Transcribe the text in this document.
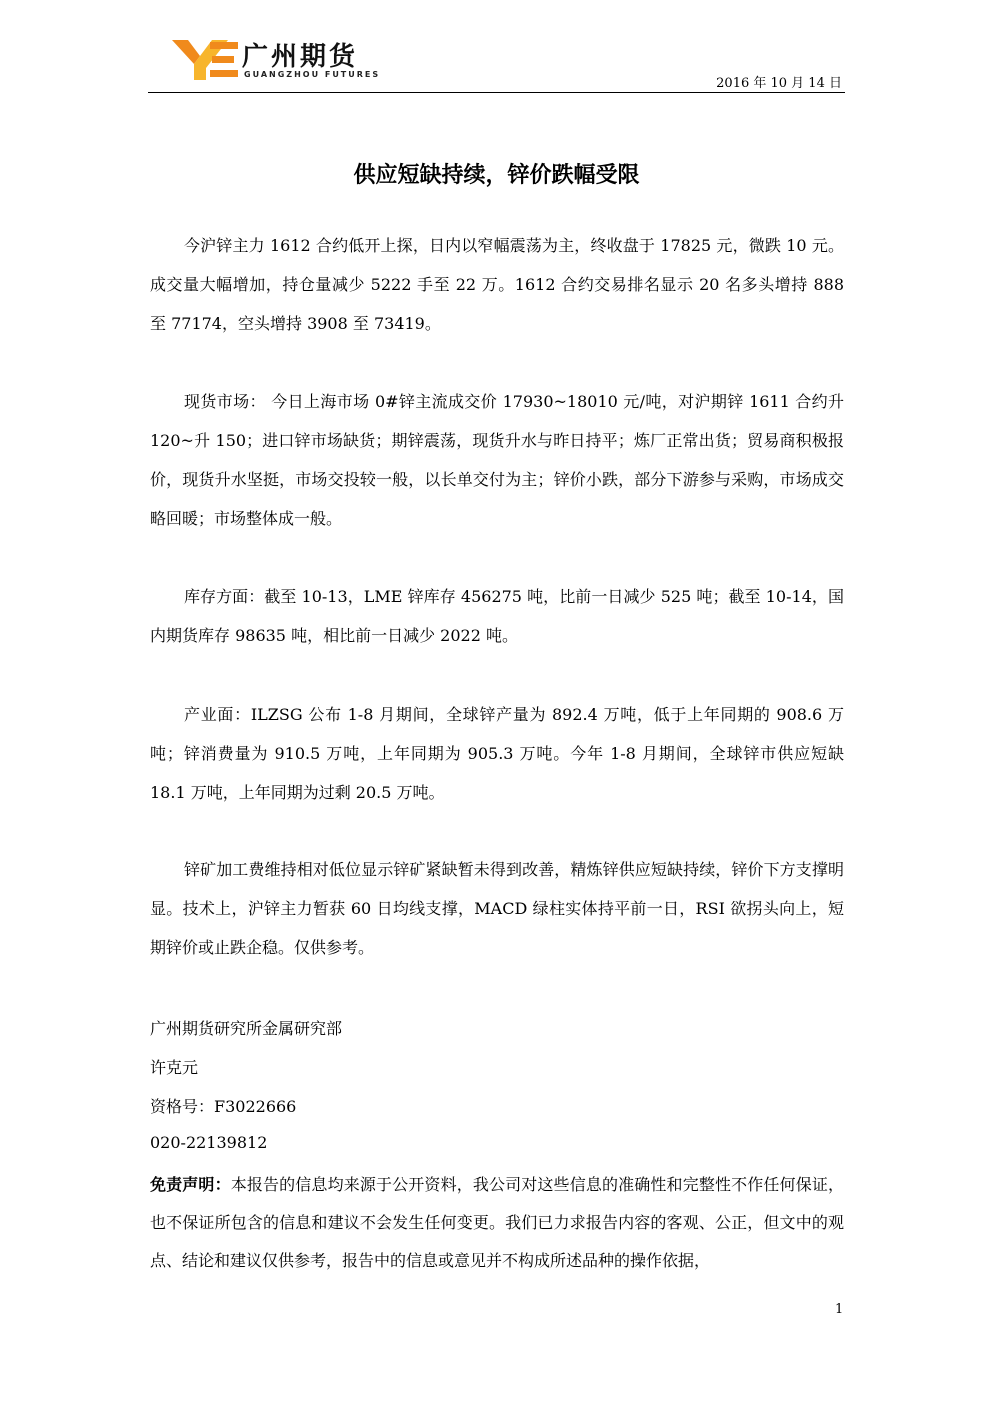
广州期货
GUANGZHOU FUTURES
2016 年 10 月 14 日
供应短缺持续，锌价跌幅受限

今沪锌主力 1612 合约低开上探，日内以窄幅震荡为主，终收盘于 17825 元，微跌 10 元。成交量大幅增加，持仓量减少 5222 手至 22 万。1612 合约交易排名显示 20 名多头增持 888 至 77174，空头增持 3908 至 73419。

现货市场： 今日上海市场 0#锌主流成交价 17930~18010 元/吨，对沪期锌 1611 合约升 120~升 150；进口锌市场缺货；期锌震荡，现货升水与昨日持平；炼厂正常出货；贸易商积极报价，现货升水坚挺，市场交投较一般，以长单交付为主；锌价小跌，部分下游参与采购，市场成交略回暖；市场整体成一般。

库存方面：截至 10-13，LME 锌库存 456275 吨，比前一日减少 525 吨；截至 10-14，国内期货库存 98635 吨，相比前一日减少 2022 吨。

产业面：ILZSG 公布 1-8 月期间，全球锌产量为 892.4 万吨，低于上年同期的 908.6 万吨；锌消费量为 910.5 万吨，上年同期为 905.3 万吨。今年 1-8 月期间，全球锌市供应短缺 18.1 万吨，上年同期为过剩 20.5 万吨。

锌矿加工费维持相对低位显示锌矿紧缺暂未得到改善，精炼锌供应短缺持续，锌价下方支撑明显。技术上，沪锌主力暂获 60 日均线支撑，MACD 绿柱实体持平前一日，RSI 欲拐头向上，短期锌价或止跌企稳。仅供参考。

广州期货研究所金属研究部
许克元
资格号：F3022666
020-22139812

免责声明：本报告的信息均来源于公开资料，我公司对这些信息的准确性和完整性不作任何保证，也不保证所包含的信息和建议不会发生任何变更。我们已力求报告内容的客观、公正，但文中的观点、结论和建议仅供参考，报告中的信息或意见并不构成所述品种的操作依据，

1
